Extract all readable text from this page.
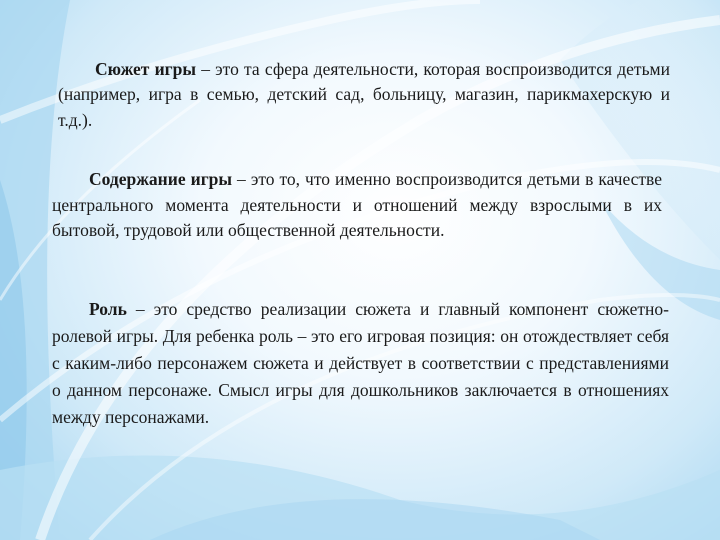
Сюжет игры – это та сфера деятельности, которая воспроизводится детьми (например, игра в семью, детский сад, больницу, магазин, парикмахерскую и т.д.).

Содержание игры – это то, что именно воспроизводится детьми в качестве центрального момента деятельности и отношений между взрослыми в их бытовой, трудовой или общественной деятельности.

Роль – это средство реализации сюжета и главный компонент сюжетно-ролевой игры. Для ребенка роль – это его игровая позиция: он отождествляет себя с каким-либо персонажем сюжета и действует в соответствии с представлениями о данном персонаже. Смысл игры для дошкольников заключается в отношениях между персонажами.
